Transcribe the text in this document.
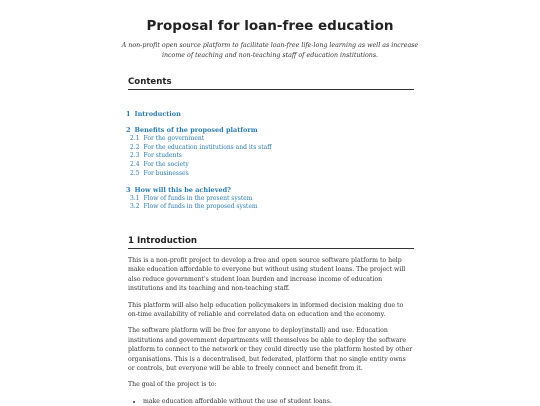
Proposal for loan-free education
A non-profit open source platform to facilitate loan-free life-long learning as well as increase income of teaching and non-teaching staff of education institutions.
Contents
1 Introduction
2 Benefits of the proposed platform
2.1 For the government
2.2 For the education institutions and its staff
2.3 For students
2.4 For the society
2.5 For businesses
3 How will this be achieved?
3.1 Flow of funds in the present system
3.2 Flow of funds in the proposed system
1 Introduction

This is a non-profit project to develop a free and open source software platform to help make education affordable to everyone but without using student loans. The project will also reduce government's student loan burden and increase income of education institutions and its teaching and non-teaching staff.

This platform will also help education policymakers in informed decision making due to on-time availability of reliable and correlated data on education and the economy.

The software platform will be free for anyone to deploy(install) and use. Education institutions and government departments will themselves be able to deploy the software platform to connect to the network or they could directly use the platform hosted by other organisations. This is a decentralised, but federated, platform that no single entity owns or controls, but everyone will be able to freely connect and benefit from it.

The goal of the project is to:

• make education affordable without the use of student loans.
